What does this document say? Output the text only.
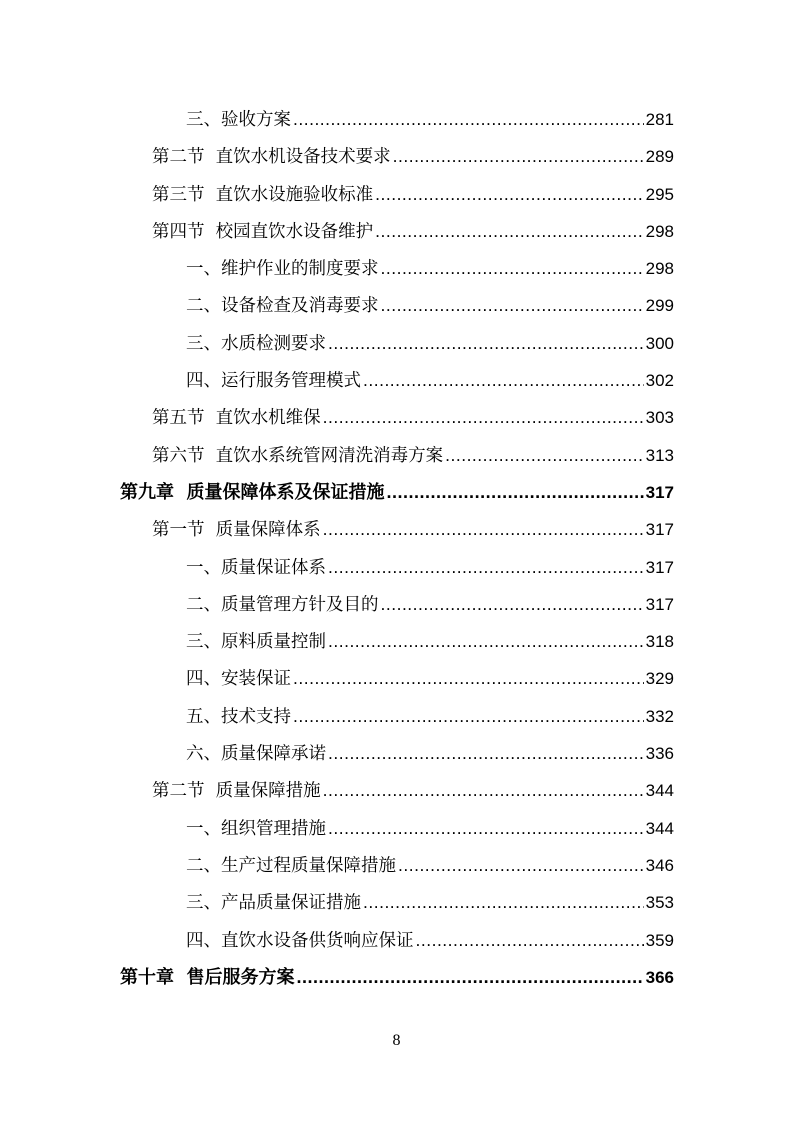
三、验收方案 .....	281
第二节  直饮水机设备技术要求 .....	289
第三节  直饮水设施验收标准 .....	295
第四节  校园直饮水设备维护 .....	298
一、维护作业的制度要求 .....	298
二、设备检查及消毒要求 .....	299
三、水质检测要求 .....	300
四、运行服务管理模式 .....	302
第五节  直饮水机维保 .....	303
第六节  直饮水系统管网清洗消毒方案 .....	313
第九章  质量保障体系及保证措施 .....	317
第一节  质量保障体系 .....	317
一、质量保证体系 .....	317
二、质量管理方针及目的 .....	317
三、原料质量控制 .....	318
四、安装保证 .....	329
五、技术支持 .....	332
六、质量保障承诺 .....	336
第二节  质量保障措施 .....	344
一、组织管理措施 .....	344
二、生产过程质量保障措施 .....	346
三、产品质量保证措施 .....	353
四、直饮水设备供货响应保证 .....	359
第十章  售后服务方案 .....	366
8
